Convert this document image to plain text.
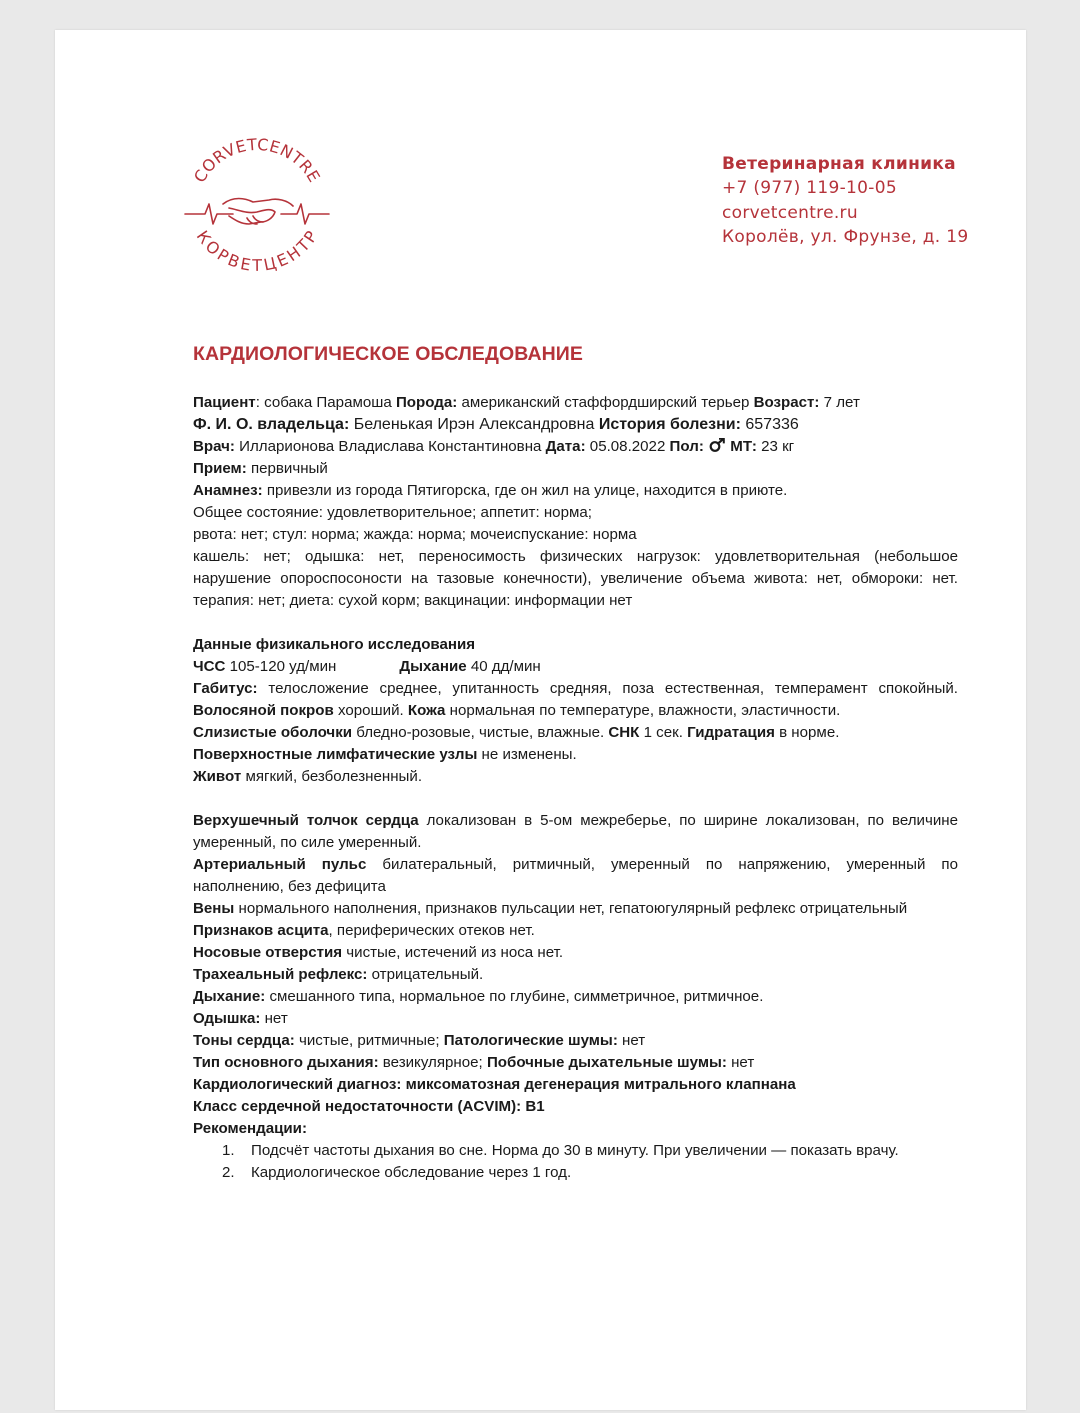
CORVETCENTRE
КОРВЕТЦЕНТР
Ветеринарная клиника
+7 (977) 119-10-05
corvetcentre.ru
Королёв, ул. Фрунзе, д. 19
КАРДИОЛОГИЧЕСКОЕ ОБСЛЕДОВАНИЕ

Пациент: собака Парамоша Порода: американский стаффордширский терьер Возраст: 7 лет

Ф. И. О. владельца: Беленькая Ирэн Александровна История болезни: 657336

Врач: Илларионова Владислава Константиновна Дата: 05.08.2022 Пол: МТ: 23 кг

Прием: первичный

Анамнез: привезли из города Пятигорска, где он жил на улице, находится в приюте.

Общее состояние: удовлетворительное; аппетит: норма;

рвота: нет; стул: норма; жажда: норма; мочеиспускание: норма

кашель: нет; одышка: нет, переносимость физических нагрузок: удовлетворительная (небольшое нарушение опороспосоности на тазовые конечности), увеличение объема живота: нет, обмороки: нет. терапия: нет; диета: сухой корм; вакцинации: информации нет

Данные физикального исследования

ЧСС 105-120 уд/мин	Дыхание 40 дд/мин

Габитус: телосложение среднее, упитанность средняя, поза естественная, темперамент спокойный. Волосяной покров хороший. Кожа нормальная по температуре, влажности, эластичности.

Слизистые оболочки бледно-розовые, чистые, влажные. СНК 1 сек. Гидратация в норме.

Поверхностные лимфатические узлы не изменены.

Живот мягкий, безболезненный.

Верхушечный толчок сердца локализован в 5-ом межреберье, по ширине локализован, по величине умеренный, по силе умеренный.

Артериальный пульс билатеральный, ритмичный, умеренный по напряжению, умеренный по наполнению, без дефицита

Вены нормального наполнения, признаков пульсации нет, гепатоюгулярный рефлекс отрицательный

Признаков асцита, периферических отеков нет.

Носовые отверстия чистые, истечений из носа нет.

Трахеальный рефлекс: отрицательный.

Дыхание: смешанного типа, нормальное по глубине, симметричное, ритмичное.

Одышка: нет

Тоны сердца: чистые, ритмичные; Патологические шумы: нет

Тип основного дыхания: везикулярное; Побочные дыхательные шумы: нет

Кардиологический диагноз: миксоматозная дегенерация митрального клапнана

Класс сердечной недостаточности (ACVIM): B1

Рекомендации:

1. Подсчёт частоты дыхания во сне. Норма до 30 в минуту. При увеличении — показать врачу.
2. Кардиологическое обследование через 1 год.
